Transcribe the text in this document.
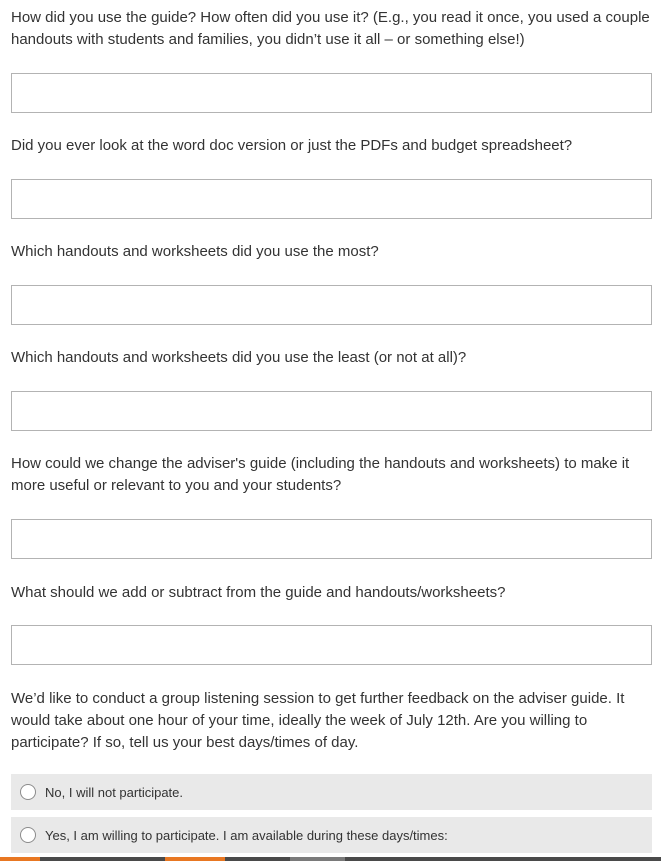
How did you use the guide? How often did you use it? (E.g., you read it once, you used a couple handouts with students and families, you didn’t use it all – or something else!)
Did you ever look at the word doc version or just the PDFs and budget spreadsheet?
Which handouts and worksheets did you use the most?
Which handouts and worksheets did you use the least (or not at all)?
How could we change the adviser's guide (including the handouts and worksheets) to make it more useful or relevant to you and your students?
What should we add or subtract from the guide and handouts/worksheets?
We’d like to conduct a group listening session to get further feedback on the adviser guide. It would take about one hour of your time, ideally the week of July 12th. Are you willing to participate? If so, tell us your best days/times of day.
No, I will not participate.
Yes, I am willing to participate. I am available during these days/times:
